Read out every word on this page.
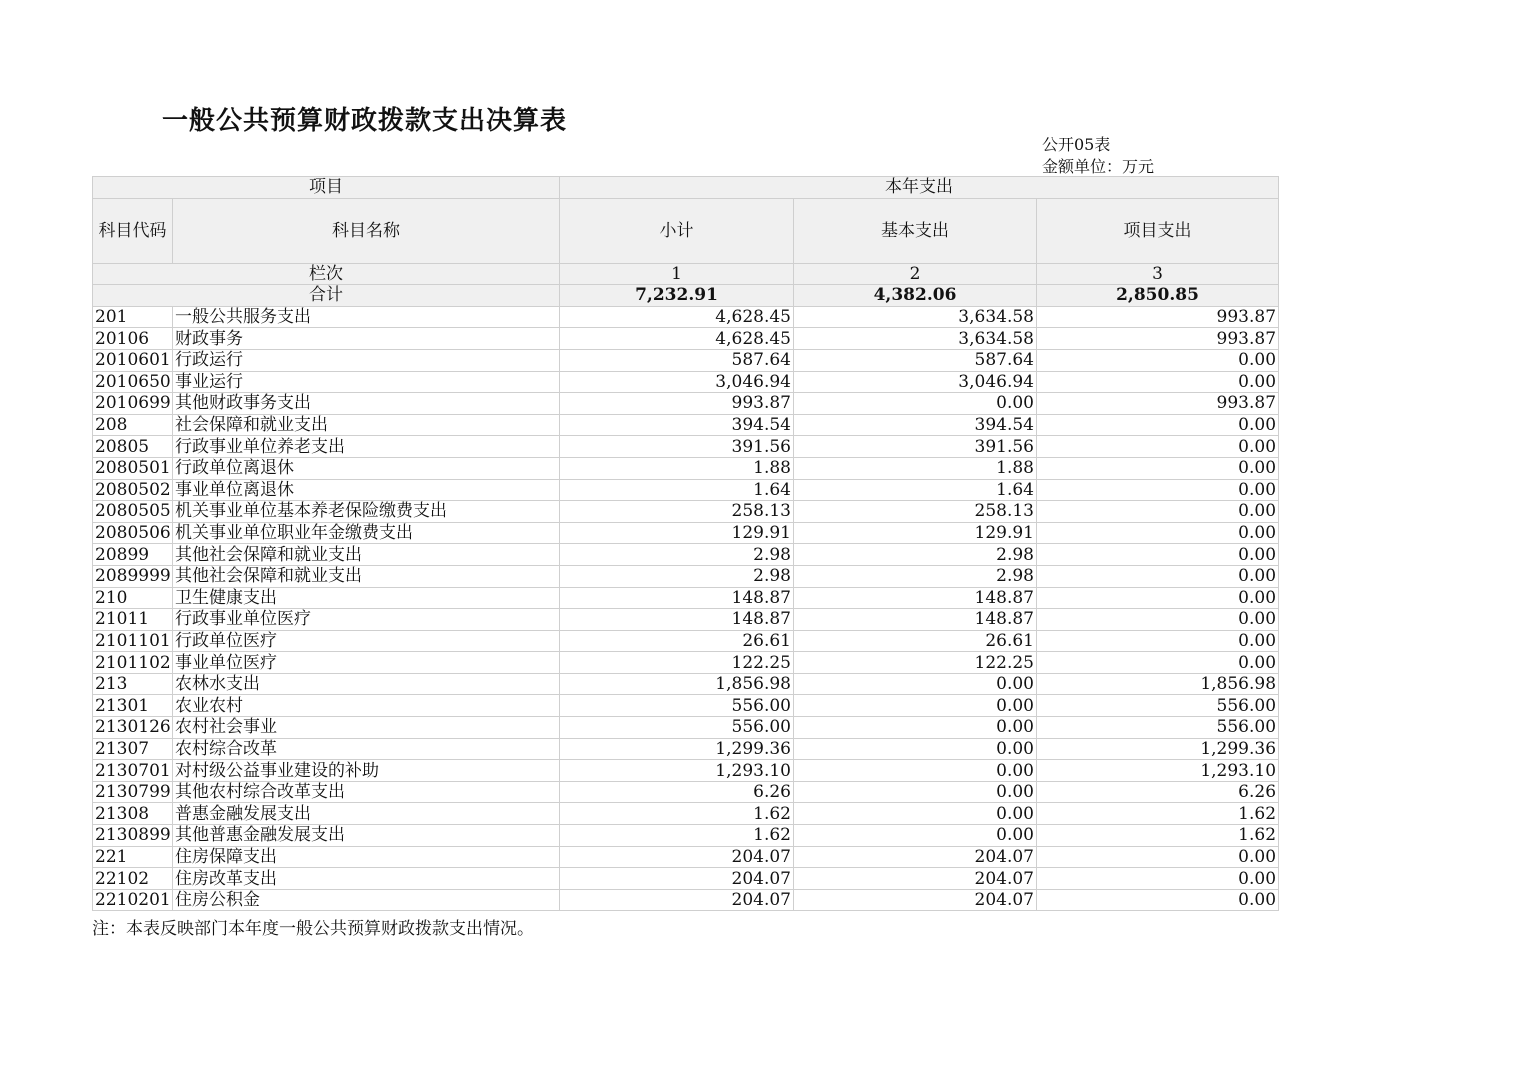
一般公共预算财政拨款支出决算表
公开05表
金额单位：万元
项目		本年支出		
科目代码	科目名称	小计	基本支出	项目支出
栏次		1	2	3
合计		7,232.91	4,382.06	2,850.85
201	一般公共服务支出	4,628.45	3,634.58	993.87
20106	财政事务	4,628.45	3,634.58	993.87
2010601	行政运行	587.64	587.64	0.00
2010650	事业运行	3,046.94	3,046.94	0.00
2010699	其他财政事务支出	993.87	0.00	993.87
208	社会保障和就业支出	394.54	394.54	0.00
20805	行政事业单位养老支出	391.56	391.56	0.00
2080501	行政单位离退休	1.88	1.88	0.00
2080502	事业单位离退休	1.64	1.64	0.00
2080505	机关事业单位基本养老保险缴费支出	258.13	258.13	0.00
2080506	机关事业单位职业年金缴费支出	129.91	129.91	0.00
20899	其他社会保障和就业支出	2.98	2.98	0.00
2089999	其他社会保障和就业支出	2.98	2.98	0.00
210	卫生健康支出	148.87	148.87	0.00
21011	行政事业单位医疗	148.87	148.87	0.00
2101101	行政单位医疗	26.61	26.61	0.00
2101102	事业单位医疗	122.25	122.25	0.00
213	农林水支出	1,856.98	0.00	1,856.98
21301	农业农村	556.00	0.00	556.00
2130126	农村社会事业	556.00	0.00	556.00
21307	农村综合改革	1,299.36	0.00	1,299.36
2130701	对村级公益事业建设的补助	1,293.10	0.00	1,293.10
2130799	其他农村综合改革支出	6.26	0.00	6.26
21308	普惠金融发展支出	1.62	0.00	1.62
2130899	其他普惠金融发展支出	1.62	0.00	1.62
221	住房保障支出	204.07	204.07	0.00
22102	住房改革支出	204.07	204.07	0.00
2210201	住房公积金	204.07	204.07	0.00
注：本表反映部门本年度一般公共预算财政拨款支出情况。
